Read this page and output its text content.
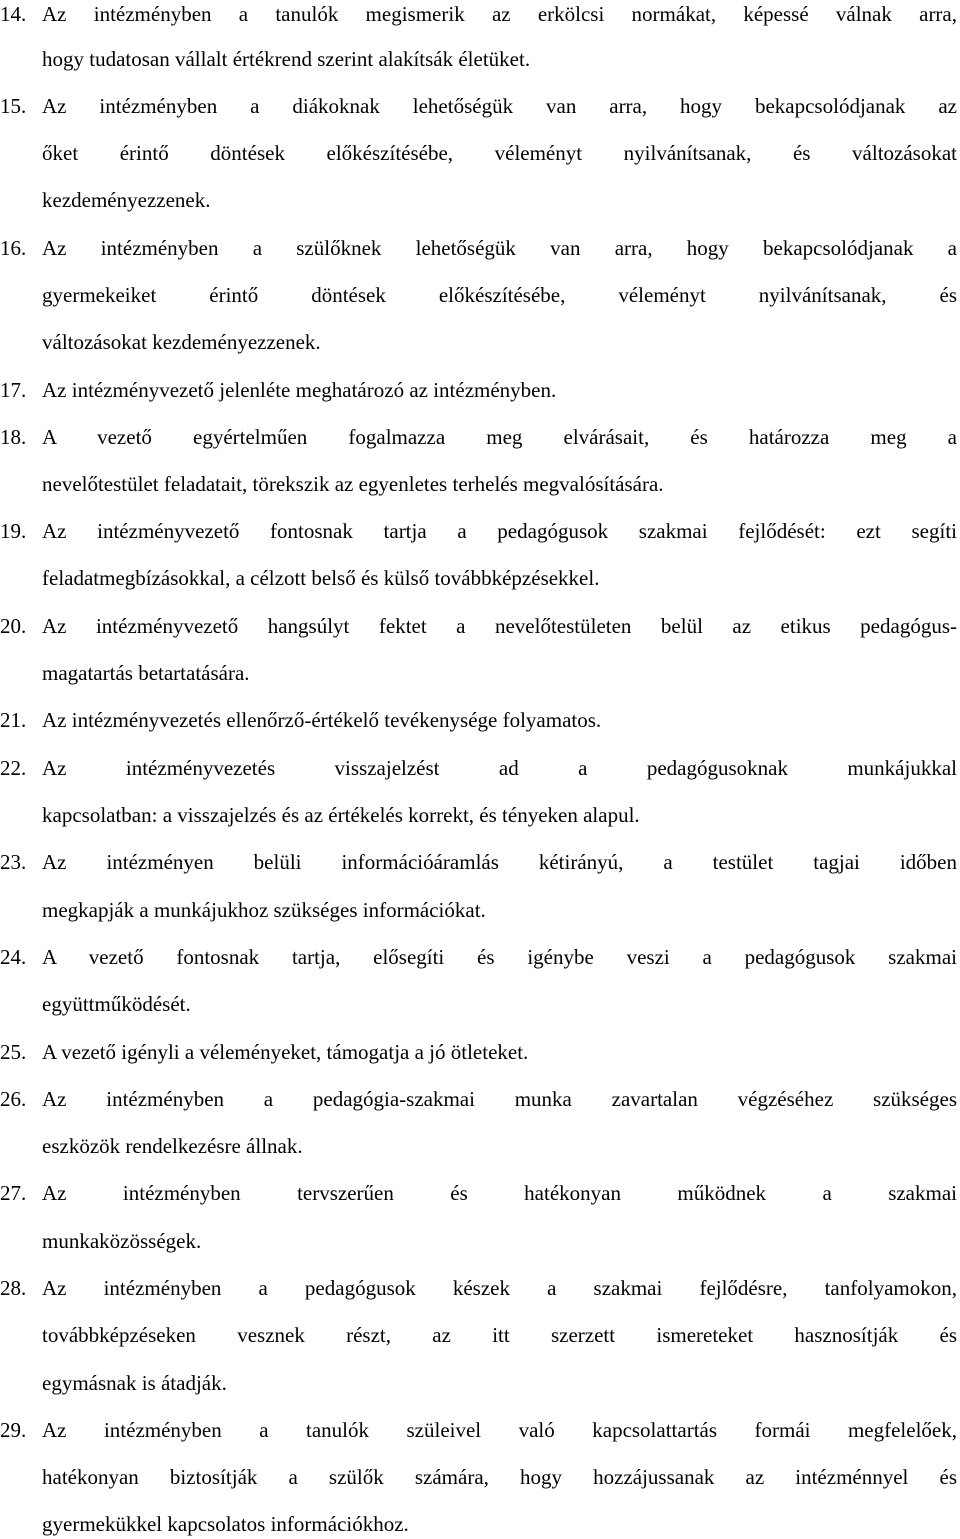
14. Az intézményben a tanulók megismerik az erkölcsi normákat, képessé válnak arra,
hogy tudatosan vállalt értékrend szerint alakítsák életüket.
15. Az intézményben a diákoknak lehetőségük van arra, hogy bekapcsolódjanak az
őket érintő döntések előkészítésébe, véleményt nyilvánítsanak, és változásokat
kezdeményezzenek.
16. Az intézményben a szülőknek lehetőségük van arra, hogy bekapcsolódjanak a
gyermekeiket érintő döntések előkészítésébe, véleményt nyilvánítsanak, és
változásokat kezdeményezzenek.
17. Az intézményvezető jelenléte meghatározó az intézményben.
18. A vezető egyértelműen fogalmazza meg elvárásait, és határozza meg a
nevelőtestület feladatait, törekszik az egyenletes terhelés megvalósítására.
19. Az intézményvezető fontosnak tartja a pedagógusok szakmai fejlődését: ezt segíti
feladatmegbízásokkal, a célzott belső és külső továbbképzésekkel.
20. Az intézményvezető hangsúlyt fektet a nevelőtestületen belül az etikus pedagógus-
magatartás betartatására.
21. Az intézményvezetés ellenőrző-értékelő tevékenysége folyamatos.
22. Az intézményvezetés visszajelzést ad a pedagógusoknak munkájukkal
kapcsolatban: a visszajelzés és az értékelés korrekt, és tényeken alapul.
23. Az intézményen belüli információáramlás kétirányú, a testület tagjai időben
megkapják a munkájukhoz szükséges információkat.
24. A vezető fontosnak tartja, elősegíti és igénybe veszi a pedagógusok szakmai
együttműködését.
25. A vezető igényli a véleményeket, támogatja a jó ötleteket.
26. Az intézményben a pedagógia-szakmai munka zavartalan végzéséhez szükséges
eszközök rendelkezésre állnak.
27. Az intézményben tervszerűen és hatékonyan működnek a szakmai
munkaközösségek.
28. Az intézményben a pedagógusok készek a szakmai fejlődésre, tanfolyamokon,
továbbképzéseken vesznek részt, az itt szerzett ismereteket hasznosítják és
egymásnak is átadják.
29. Az intézményben a tanulók szüleivel való kapcsolattartás formái megfelelőek,
hatékonyan biztosítják a szülők számára, hogy hozzájussanak az intézménnyel és
gyermekükkel kapcsolatos információkhoz.
